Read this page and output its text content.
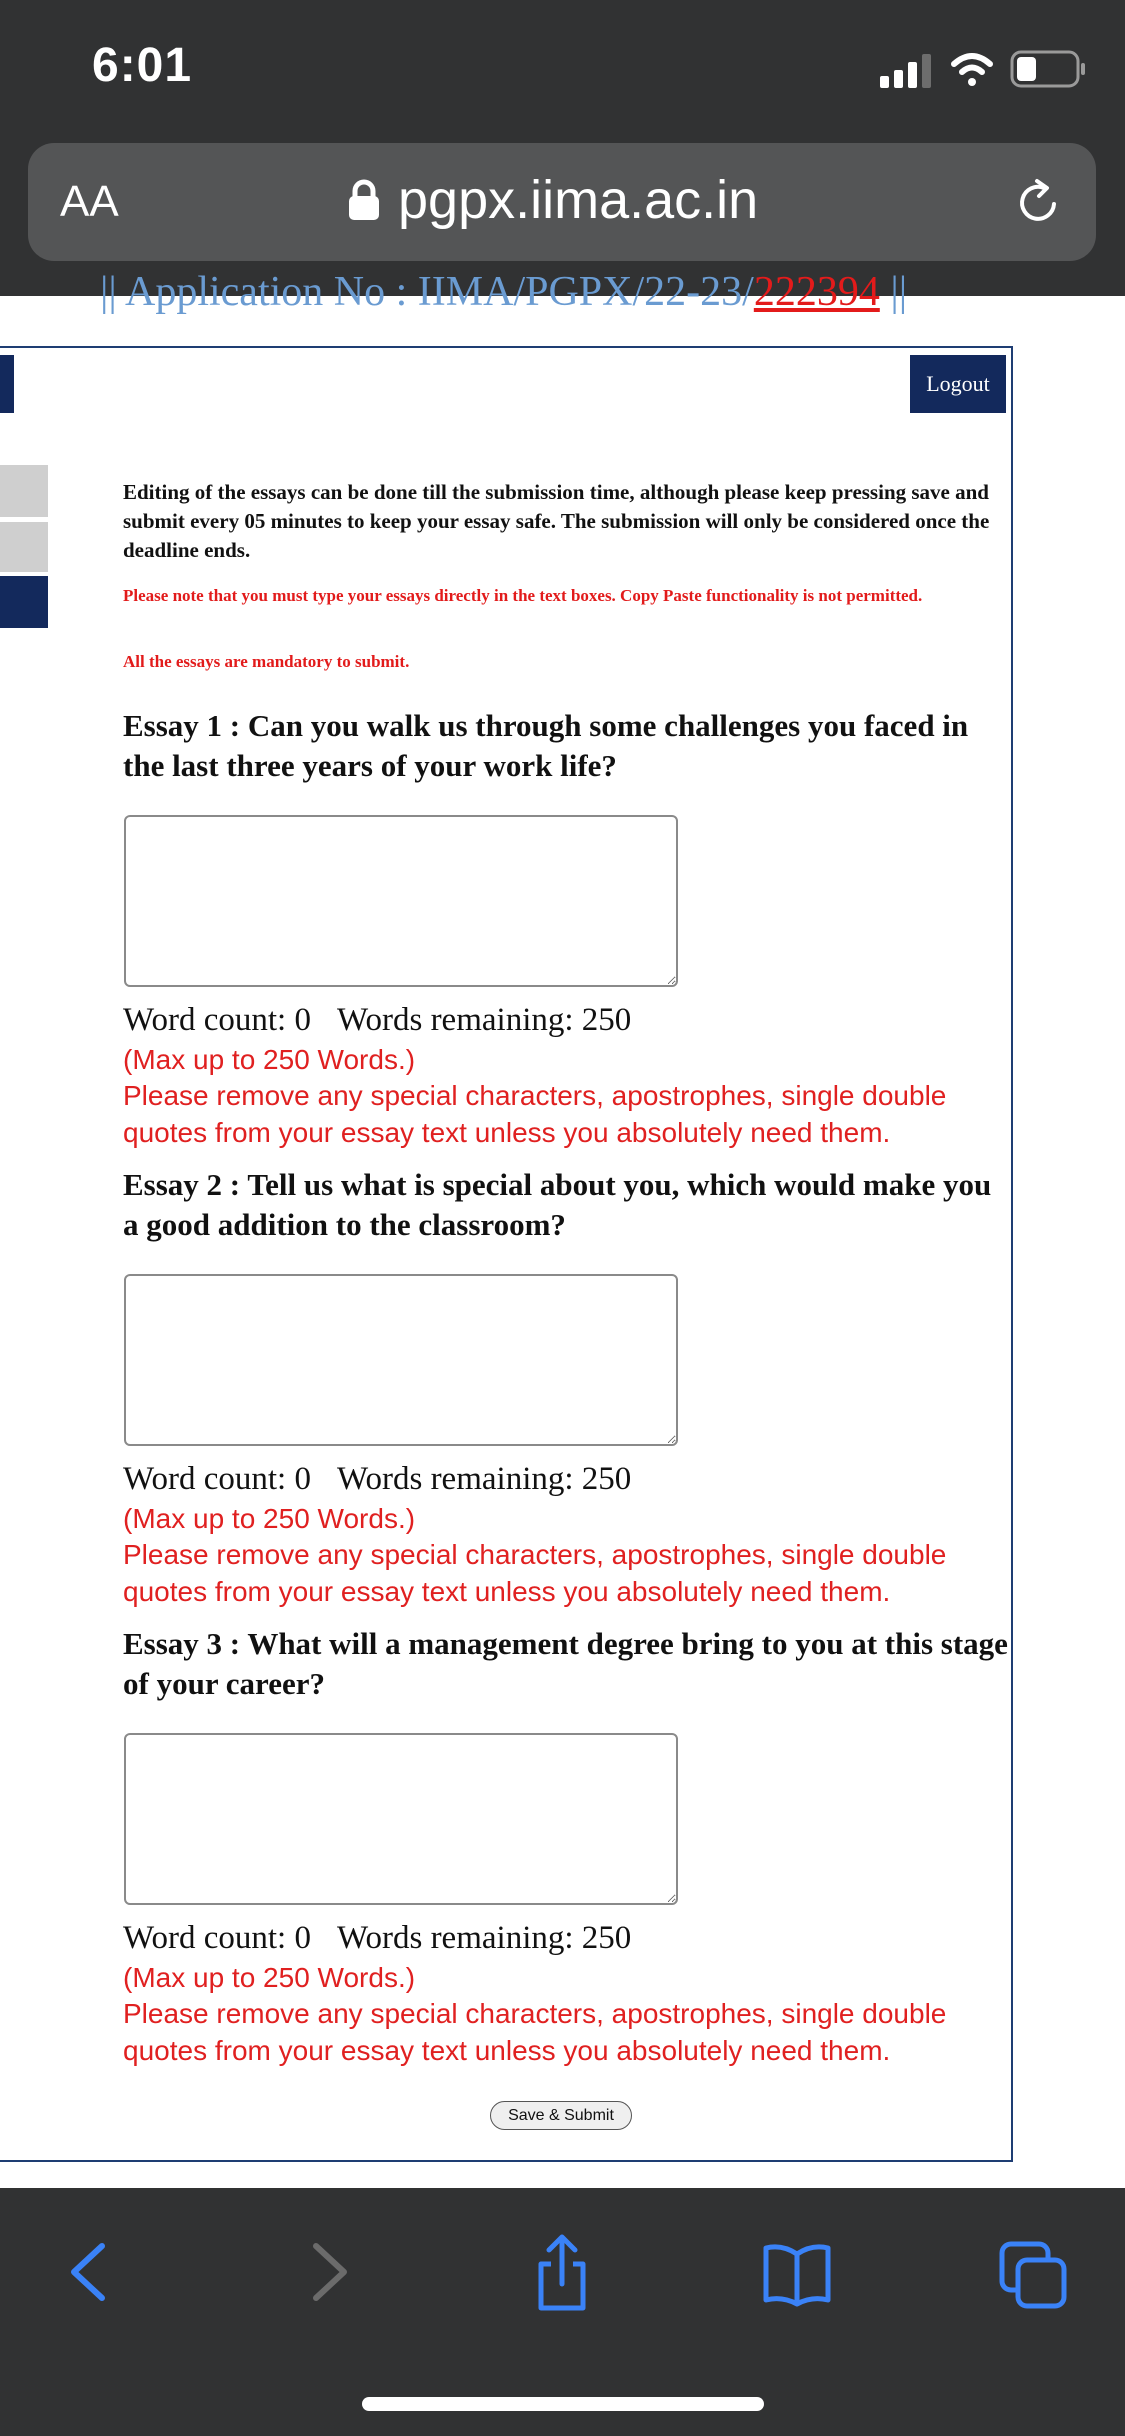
6:01
AA	pgpx.iima.ac.in
|| Application No : IIMA/PGPX/22-23/222394 ||
Logout
Editing of the essays can be done till the submission time, although please keep pressing save and submit every 05 minutes to keep your essay safe. The submission will only be considered once the deadline ends.
Please note that you must type your essays directly in the text boxes. Copy Paste functionality is not permitted.
All the essays are mandatory to submit.
Essay 1 : Can you walk us through some challenges you faced in the last three years of your work life?
Word count: 0 Words remaining: 250
(Max up to 250 Words.)
Please remove any special characters, apostrophes, single double quotes from your essay text unless you absolutely need them.
Essay 2 : Tell us what is special about you, which would make you a good addition to the classroom?
Word count: 0 Words remaining: 250
(Max up to 250 Words.)
Please remove any special characters, apostrophes, single double quotes from your essay text unless you absolutely need them.
Essay 3 : What will a management degree bring to you at this stage of your career?
Word count: 0 Words remaining: 250
(Max up to 250 Words.)
Please remove any special characters, apostrophes, single double quotes from your essay text unless you absolutely need them.
Save & Submit
